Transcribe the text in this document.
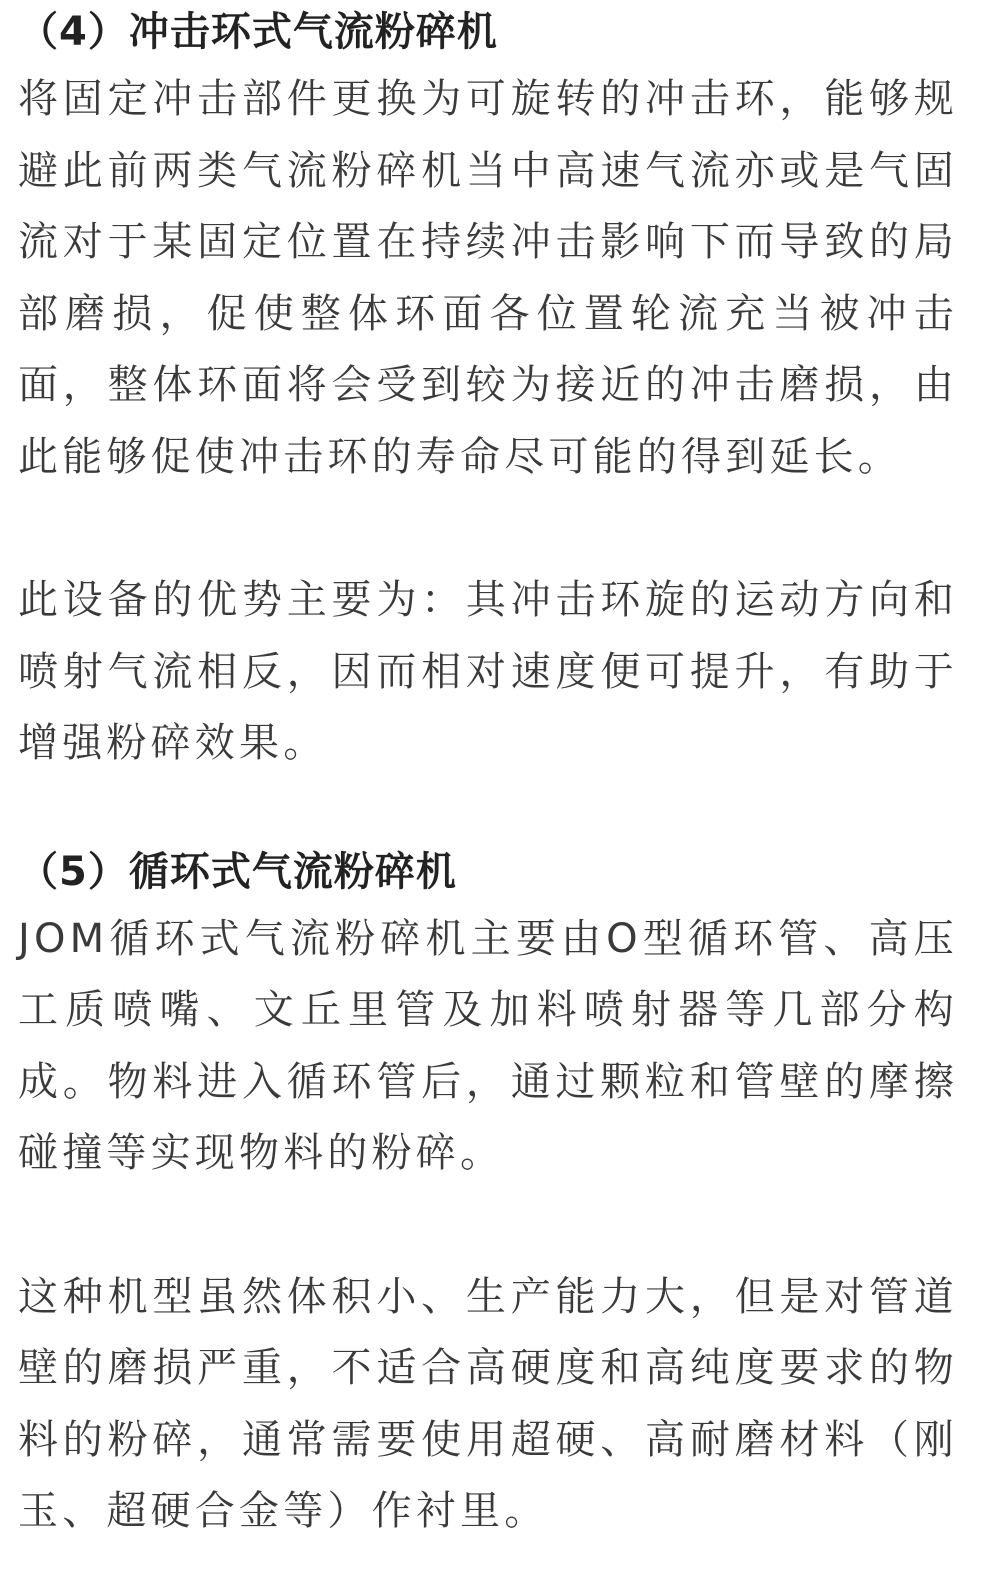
（4）冲击环式气流粉碎机

将固定冲击部件更换为可旋转的冲击环，能够规避此前两类气流粉碎机当中高速气流亦或是气固流对于某固定位置在持续冲击影响下而导致的局部磨损，促使整体环面各位置轮流充当被冲击面，整体环面将会受到较为接近的冲击磨损，由此能够促使冲击环的寿命尽可能的得到延长。

此设备的优势主要为：其冲击环旋的运动方向和喷射气流相反，因而相对速度便可提升，有助于增强粉碎效果。

（5）循环式气流粉碎机

JOM循环式气流粉碎机主要由O型循环管、高压工质喷嘴、文丘里管及加料喷射器等几部分构成。物料进入循环管后，通过颗粒和管壁的摩擦碰撞等实现物料的粉碎。

这种机型虽然体积小、生产能力大，但是对管道壁的磨损严重，不适合高硬度和高纯度要求的物料的粉碎，通常需要使用超硬、高耐磨材料（刚玉、超硬合金等）作衬里。
